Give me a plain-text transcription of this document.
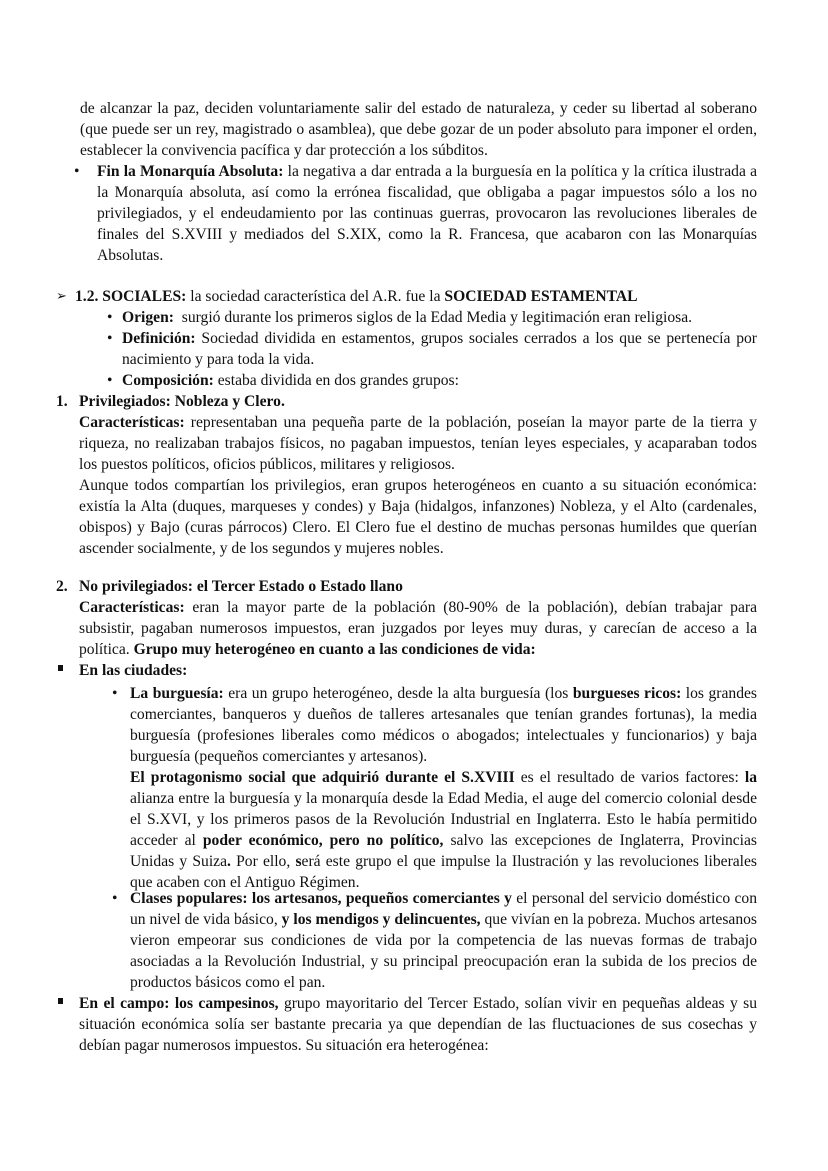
de alcanzar la paz, deciden voluntariamente salir del estado de naturaleza, y ceder su libertad al soberano (que puede ser un rey, magistrado o asamblea), que debe gozar de un poder absoluto para imponer el orden, establecer la convivencia pacífica y dar protección a los súbditos.

• Fin la Monarquía Absoluta: la negativa a dar entrada a la burguesía en la política y la crítica ilustrada a la Monarquía absoluta, así como la errónea fiscalidad, que obligaba a pagar impuestos sólo a los no privilegiados, y el endeudamiento por las continuas guerras, provocaron las revoluciones liberales de finales del S.XVIII y mediados del S.XIX, como la R. Francesa, que acabaron con las Monarquías Absolutas.

➢ 1.2. SOCIALES: la sociedad característica del A.R. fue la SOCIEDAD ESTAMENTAL

• Origen:  surgió durante los primeros siglos de la Edad Media y legitimación eran religiosa.

• Definición: Sociedad dividida en estamentos, grupos sociales cerrados a los que se pertenecía por nacimiento y para toda la vida.

• Composición: estaba dividida en dos grandes grupos:

1. Privilegiados: Nobleza y Clero.

Características: representaban una pequeña parte de la población, poseían la mayor parte de la tierra y riqueza, no realizaban trabajos físicos, no pagaban impuestos, tenían leyes especiales, y acaparaban todos los puestos políticos, oficios públicos, militares y religiosos.

Aunque todos compartían los privilegios, eran grupos heterogéneos en cuanto a su situación económica: existía la Alta (duques, marqueses y condes) y Baja (hidalgos, infanzones) Nobleza, y el Alto (cardenales, obispos) y Bajo (curas párrocos) Clero. El Clero fue el destino de muchas personas humildes que querían ascender socialmente, y de los segundos y mujeres nobles.

2. No privilegiados: el Tercer Estado o Estado llano

Características: eran la mayor parte de la población (80-90% de la población), debían trabajar para subsistir, pagaban numerosos impuestos, eran juzgados por leyes muy duras, y carecían de acceso a la política. Grupo muy heterogéneo en cuanto a las condiciones de vida:

En las ciudades:

• La burguesía: era un grupo heterogéneo, desde la alta burguesía (los burgueses ricos: los grandes comerciantes, banqueros y dueños de talleres artesanales que tenían grandes fortunas), la media burguesía (profesiones liberales como médicos o abogados; intelectuales y funcionarios) y baja burguesía (pequeños comerciantes y artesanos).

El protagonismo social que adquirió durante el S.XVIII es el resultado de varios factores: la alianza entre la burguesía y la monarquía desde la Edad Media, el auge del comercio colonial desde el S.XVI, y los primeros pasos de la Revolución Industrial en Inglaterra. Esto le había permitido acceder al poder económico, pero no político, salvo las excepciones de Inglaterra, Provincias Unidas y Suiza. Por ello, será este grupo el que impulse la Ilustración y las revoluciones liberales que acaben con el Antiguo Régimen.

• Clases populares: los artesanos, pequeños comerciantes y el personal del servicio doméstico con un nivel de vida básico, y los mendigos y delincuentes, que vivían en la pobreza. Muchos artesanos vieron empeorar sus condiciones de vida por la competencia de las nuevas formas de trabajo asociadas a la Revolución Industrial, y su principal preocupación eran la subida de los precios de productos básicos como el pan.

En el campo: los campesinos, grupo mayoritario del Tercer Estado, solían vivir en pequeñas aldeas y su situación económica solía ser bastante precaria ya que dependían de las fluctuaciones de sus cosechas y debían pagar numerosos impuestos. Su situación era heterogénea:
